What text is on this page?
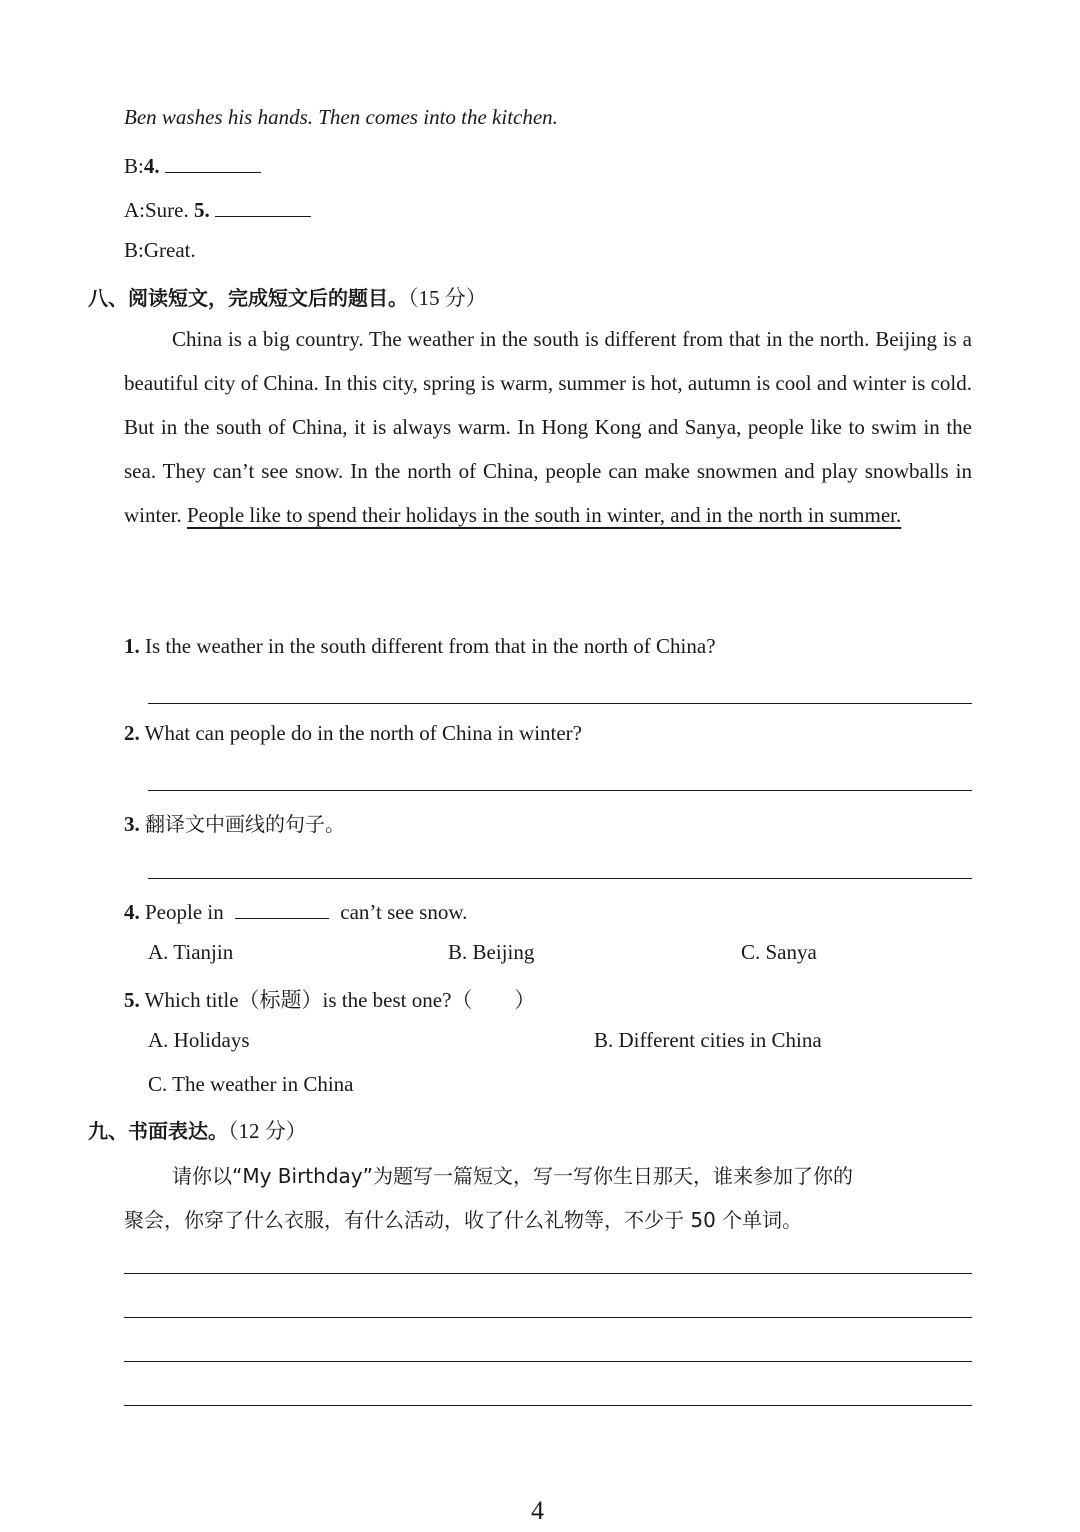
Ben washes his hands. Then comes into the kitchen.
B:4.
A:Sure. 5.
B:Great.
八、阅读短文，完成短文后的题目。（15 分）

China is a big country. The weather in the south is different from that in the north. Beijing is a beautiful city of China. In this city, spring is warm, summer is hot, autumn is cool and winter is cold. But in the south of China, it is always warm. In Hong Kong and Sanya, people like to swim in the sea. They can’t see snow. In the north of China, people can make snowmen and play snowballs in winter. People like to spend their holidays in the south in winter, and in the north in summer.

1. Is the weather in the south different from that in the north of China?
2. What can people do in the north of China in winter?
3. 翻译文中画线的句子。
4. People in	can’t see snow.
A. Tianjin	B. Beijing	C. Sanya
5. Which title（标题）is the best one?（　　）
A. Holidays	B. Different cities in China
C. The weather in China
九、书面表达。（12 分）
请你以“My Birthday”为题写一篇短文，写一写你生日那天，谁来参加了你的
聚会，你穿了什么衣服，有什么活动，收了什么礼物等，不少于 50 个单词。
4
